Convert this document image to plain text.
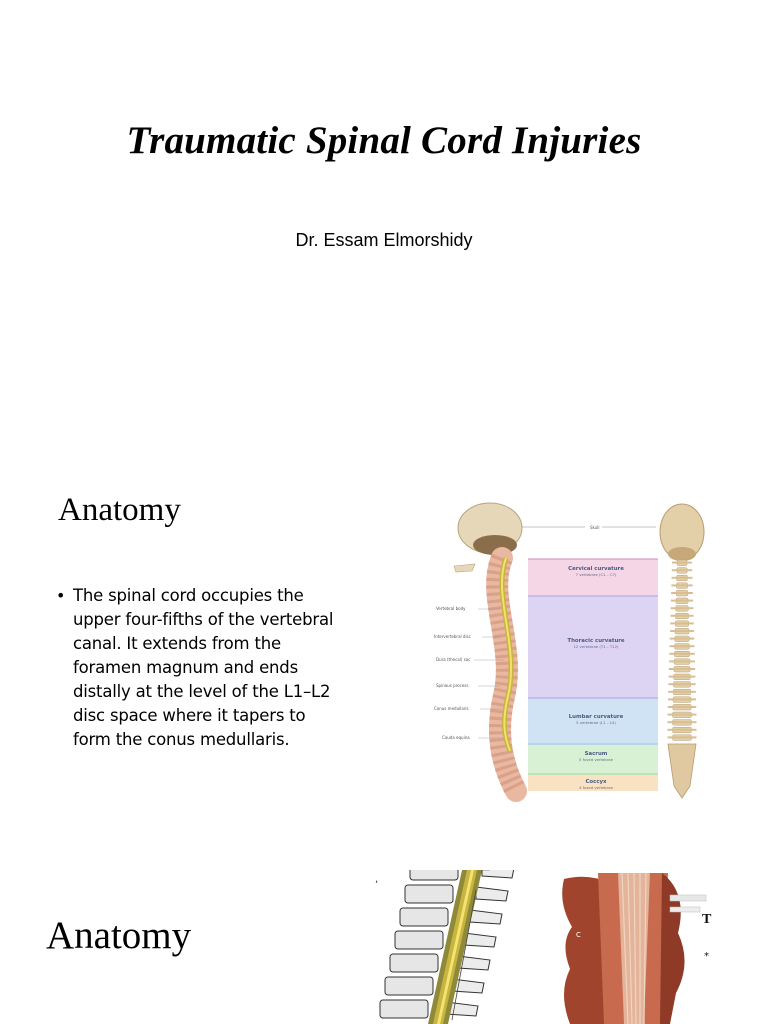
Traumatic Spinal Cord Injuries
Dr. Essam Elmorshidy
Anatomy
• The spinal cord occupies the upper four-fifths of the vertebral canal. It extends from the foramen magnum and ends distally at the level of the L1–L2 disc space where it tapers to form the conus medullaris.
Cervical curvature
7 vertebrae (C1 – C7)
Thoracic curvature
12 vertebrae (T1 – T12)
Lumbar curvature
5 vertebrae (L1 – L5)
Sacrum
5 fused vertebrae
Coccyx
4 fused vertebrae
Skull
Vertebral body
Intervertebral disc
Dura (thecal) sac
Spinous process
Conus medullaris
Cauda equina
Anatomy
,
C
T
*
